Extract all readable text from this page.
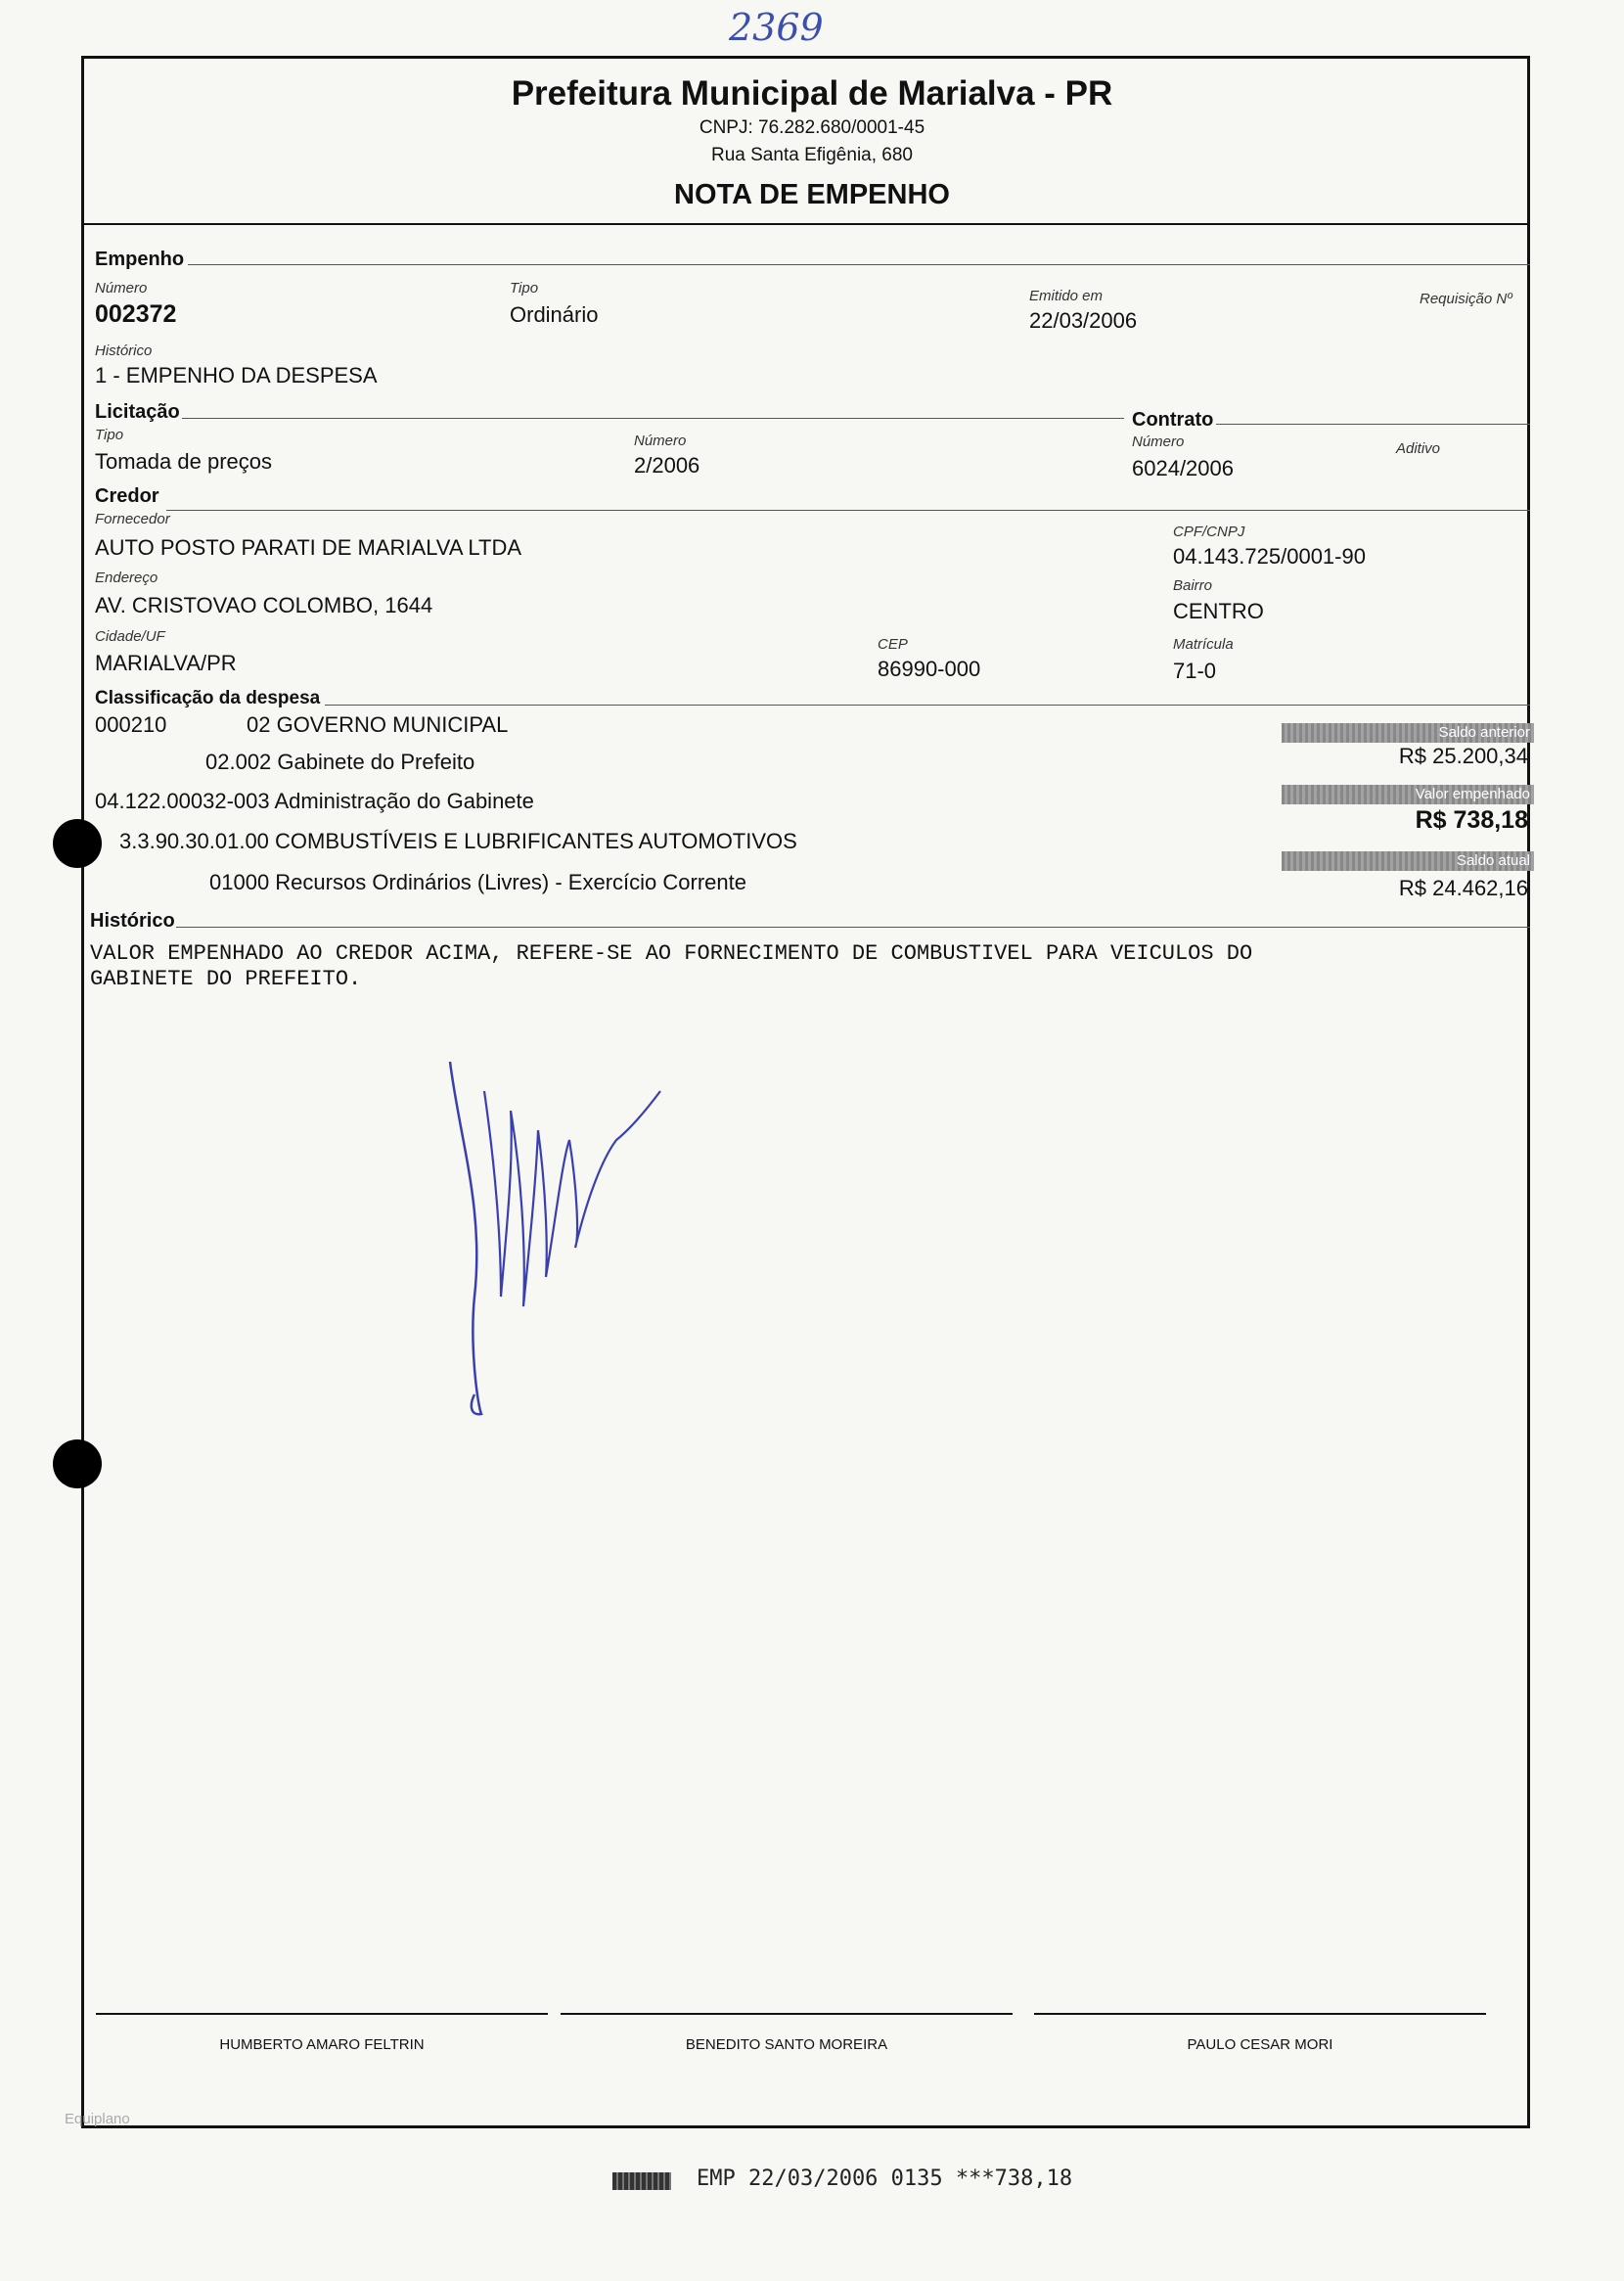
2369
Prefeitura Municipal de Marialva - PR
CNPJ: 76.282.680/0001-45
Rua Santa Efigênia, 680
NOTA DE EMPENHO
Empenho
Número
002372
Tipo
Ordinário
Emitido em
22/03/2006
Requisição Nº
Histórico
1 - EMPENHO DA DESPESA
Licitação
Tipo
Tomada de preços
Número
2/2006
Contrato
Número
6024/2006
Aditivo
Credor
Fornecedor
AUTO POSTO PARATI DE MARIALVA LTDA
CPF/CNPJ
04.143.725/0001-90
Endereço
AV. CRISTOVAO COLOMBO, 1644
Bairro
CENTRO
Cidade/UF
MARIALVA/PR
CEP
86990-000
Matrícula
71-0
Classificação da despesa
000210	02 GOVERNO MUNICIPAL
02.002 Gabinete do Prefeito
04.122.00032-003 Administração do Gabinete
3.3.90.30.01.00 COMBUSTÍVEIS E LUBRIFICANTES AUTOMOTIVOS
01000 Recursos Ordinários (Livres) - Exercício Corrente
Saldo anterior
R$ 25.200,34
Valor empenhado
R$ 738,18
Saldo atual
R$ 24.462,16
Histórico
VALOR EMPENHADO AO CREDOR ACIMA, REFERE-SE AO FORNECIMENTO DE COMBUSTIVEL PARA VEICULOS DO
GABINETE DO PREFEITO.
HUMBERTO AMARO FELTRIN	BENEDITO SANTO MOREIRA	PAULO CESAR MORI
Equiplano
EMP 22/03/2006 0135 ***738,18
